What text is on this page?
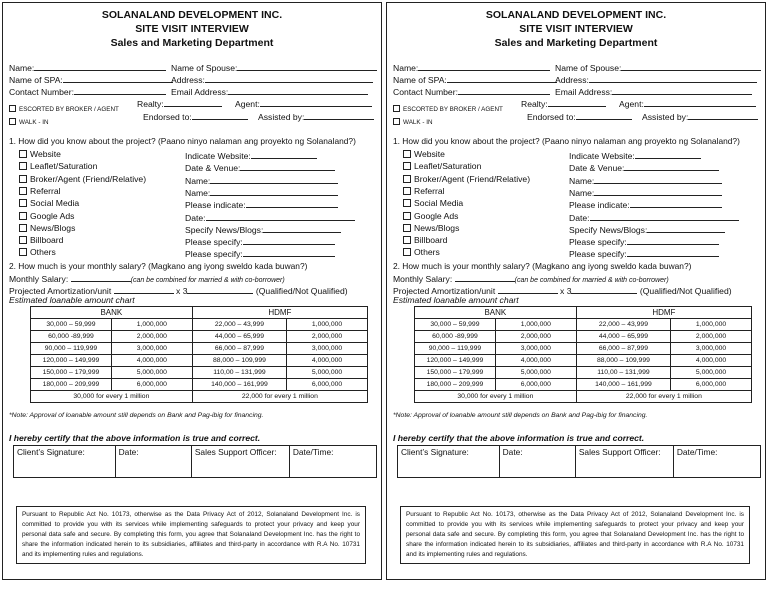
SOLANALAND DEVELOPMENT INC.
SITE VISIT INTERVIEW
Sales and Marketing Department
Name:	Name of Spouse:
Name of SPA:	Address:
Contact Number:	Email Address:
ESCORTED BY BROKER / AGENT
Realty:	Agent:
WALK - IN
Endorsed to:	Assisted by:
1. How did you know about the project? (Paano ninyo nalaman ang proyekto ng Solanaland?)
Website	Indicate Website:
Leaflet/Saturation	Date & Venue:
Broker/Agent (Friend/Relative)	Name:
Referral	Name:
Social Media	Please indicate:
Google Ads	Date:
News/Blogs	Specify News/Blogs:
Billboard	Please specify:
Others	Please specify:
2. How much is your monthly salary? (Magkano ang iyong sweldo kada buwan?)
Monthly Salary:	(can be combined for married & with co-borrower)
Projected Amortization/unit	x 3	(Qualified/Not Qualified)
Estimated loanable amount chart
BANK		HDMF	
30,000 – 59,999	1,000,000	22,000 – 43,999	1,000,000
60,000 -89,999	2,000,000	44,000 – 65,999	2,000,000
90,000 – 119,999	3,000,000	66,000 – 87,999	3,000,000
120,000 – 149,999	4,000,000	88,000 – 109,999	4,000,000
150,000 – 179,999	5,000,000	110,00 – 131,999	5,000,000
180,000 – 209,999	6,000,000	140,000 – 161,999	6,000,000
30,000 for every 1 million		22,000 for every 1 million	
*Note: Approval of loanable amount still depends on Bank and Pag-ibig for financing.
I hereby certify that the above information is true and correct.
Client’s Signature:	Date:	Sales Support Officer:	Date/Time:
Pursuant to Republic Act No. 10173, otherwise as the Data Privacy Act of 2012, Solanaland Development Inc. is committed to provide you with its services while implementing safeguards to protect your privacy and keep your personal data safe and secure. By completing this form, you agree that Solanaland Development Inc. has the right to share the information indicated herein to its subsidiaries, affiliates and third-party in accordance with R.A No. 10731 and its implementing rules and regulations.
SOLANALAND DEVELOPMENT INC.
SITE VISIT INTERVIEW
Sales and Marketing Department
Name:	Name of Spouse:
Name of SPA:	Address:
Contact Number:	Email Address:
ESCORTED BY BROKER / AGENT
Realty:	Agent:
WALK - IN
Endorsed to:	Assisted by:
1. How did you know about the project? (Paano ninyo nalaman ang proyekto ng Solanaland?)
Website	Indicate Website:
Leaflet/Saturation	Date & Venue:
Broker/Agent (Friend/Relative)	Name:
Referral	Name:
Social Media	Please indicate:
Google Ads	Date:
News/Blogs	Specify News/Blogs:
Billboard	Please specify:
Others	Please specify:
2. How much is your monthly salary? (Magkano ang iyong sweldo kada buwan?)
Monthly Salary:	(can be combined for married & with co-borrower)
Projected Amortization/unit	x 3	(Qualified/Not Qualified)
Estimated loanable amount chart
BANK		HDMF	
30,000 – 59,999	1,000,000	22,000 – 43,999	1,000,000
60,000 -89,999	2,000,000	44,000 – 65,999	2,000,000
90,000 – 119,999	3,000,000	66,000 – 87,999	3,000,000
120,000 – 149,999	4,000,000	88,000 – 109,999	4,000,000
150,000 – 179,999	5,000,000	110,00 – 131,999	5,000,000
180,000 – 209,999	6,000,000	140,000 – 161,999	6,000,000
30,000 for every 1 million		22,000 for every 1 million	
*Note: Approval of loanable amount still depends on Bank and Pag-ibig for financing.
I hereby certify that the above information is true and correct.
Client’s Signature:	Date:	Sales Support Officer:	Date/Time:
Pursuant to Republic Act No. 10173, otherwise as the Data Privacy Act of 2012, Solanaland Development Inc. is committed to provide you with its services while implementing safeguards to protect your privacy and keep your personal data safe and secure. By completing this form, you agree that Solanaland Development Inc. has the right to share the information indicated herein to its subsidiaries, affiliates and third-party in accordance with R.A No. 10731 and its implementing rules and regulations.
